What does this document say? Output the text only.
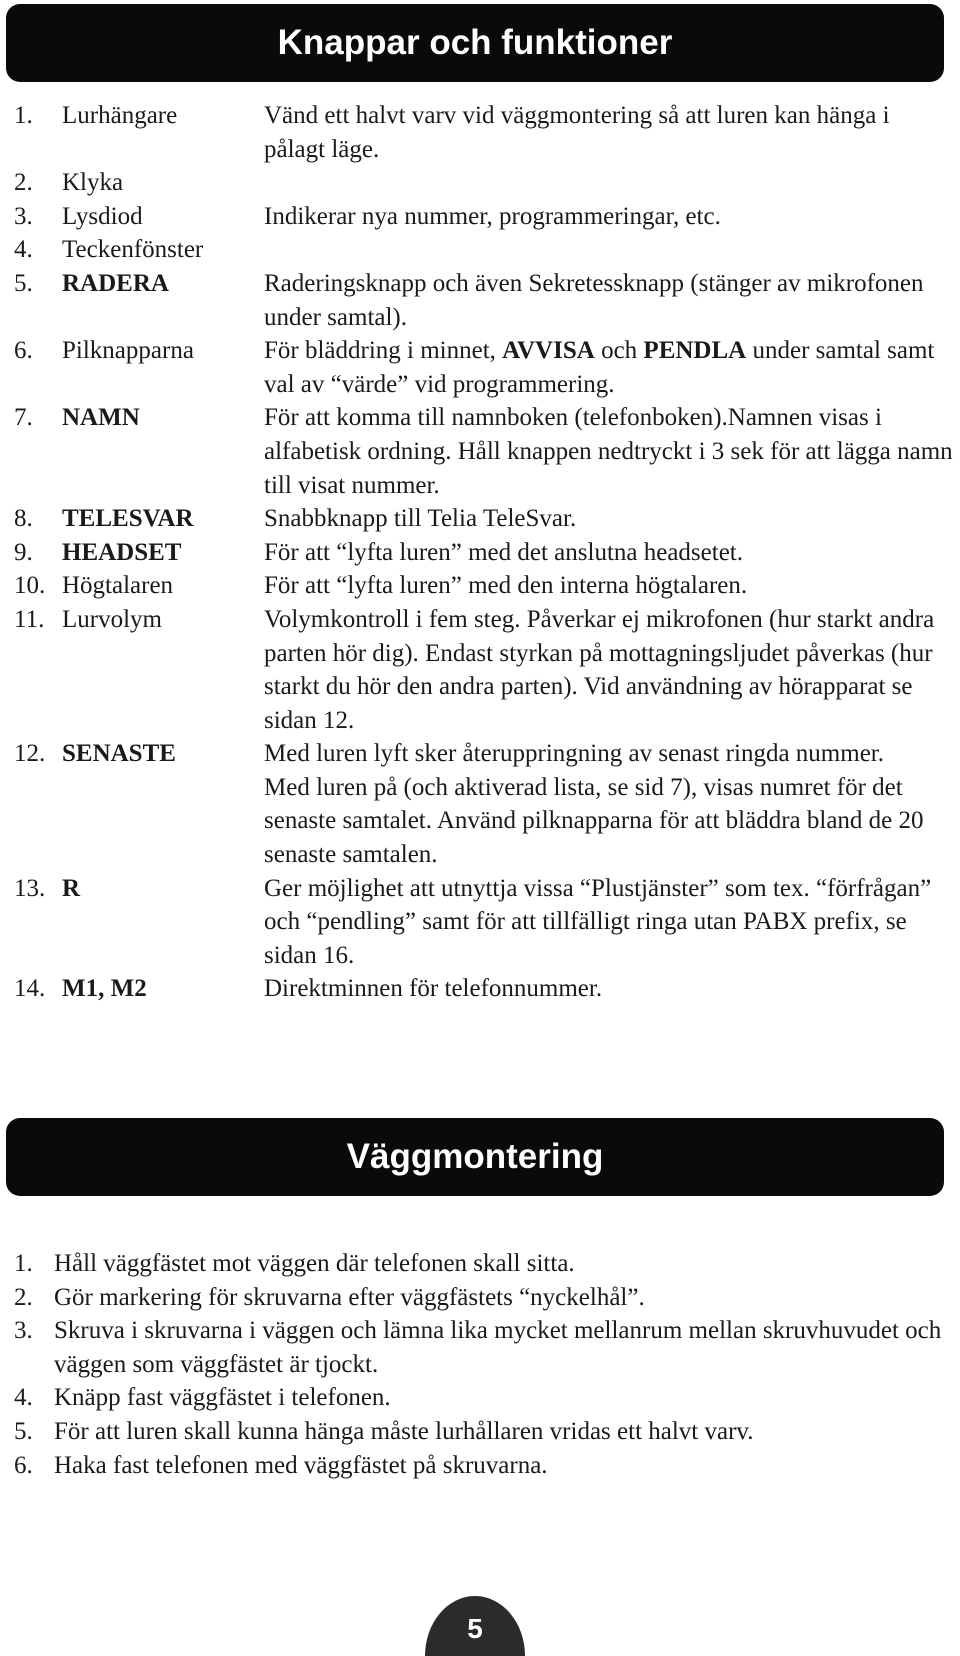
Knappar och funktioner
1.	Lurhängare	Vänd ett halvt varv vid väggmontering så att luren kan hänga i pålagt läge.

2.	Klyka

3.	Lysdiod	Indikerar nya nummer, programmeringar, etc.

4.	Teckenfönster

5.	RADERA	Raderingsknapp och även Sekretessknapp (stänger av mikrofonen under samtal).

6.	Pilknapparna	För bläddring i minnet, AVVISA och PENDLA under samtal samt val av “värde” vid programmering.

7.	NAMN	För att komma till namnboken (telefonboken).Namnen visas i alfabetisk ordning. Håll knappen nedtryckt i 3 sek för att lägga namn till visat nummer.

8.	TELESVAR	Snabbknapp till Telia TeleSvar.

9.	HEADSET	För att “lyfta luren” med det anslutna headsetet.

10. Högtalaren	För att “lyfta luren” med den interna högtalaren.

11. Lurvolym	Volymkontroll i fem steg. Påverkar ej mikrofonen (hur starkt andra parten hör dig). Endast styrkan på mottagningsljudet påverkas (hur starkt du hör den andra parten). Vid användning av hörapparat se sidan 12.

12. SENASTE	Med luren lyft sker återuppringning av senast ringda nummer.

Med luren på (och aktiverad lista, se sid 7), visas numret för det senaste samtalet. Använd pilknapparna för att bläddra bland de 20 senaste samtalen.

13. R	Ger möjlighet att utnyttja vissa “Plustjänster” som tex. “förfrågan” och “pendling” samt för att tillfälligt ringa utan PABX prefix, se sidan 16.

14. M1, M2	Direktminnen för telefonnummer.

Väggmontering
1. Håll väggfästet mot väggen där telefonen skall sitta.
2. Gör markering för skruvarna efter väggfästets “nyckelhål”.
3. Skruva i skruvarna i väggen och lämna lika mycket mellanrum mellan skruvhuvudet och väggen som väggfästet är tjockt.
4. Knäpp fast väggfästet i telefonen.
5. För att luren skall kunna hänga måste lurhållaren vridas ett halvt varv.
6. Haka fast telefonen med väggfästet på skruvarna.
5
